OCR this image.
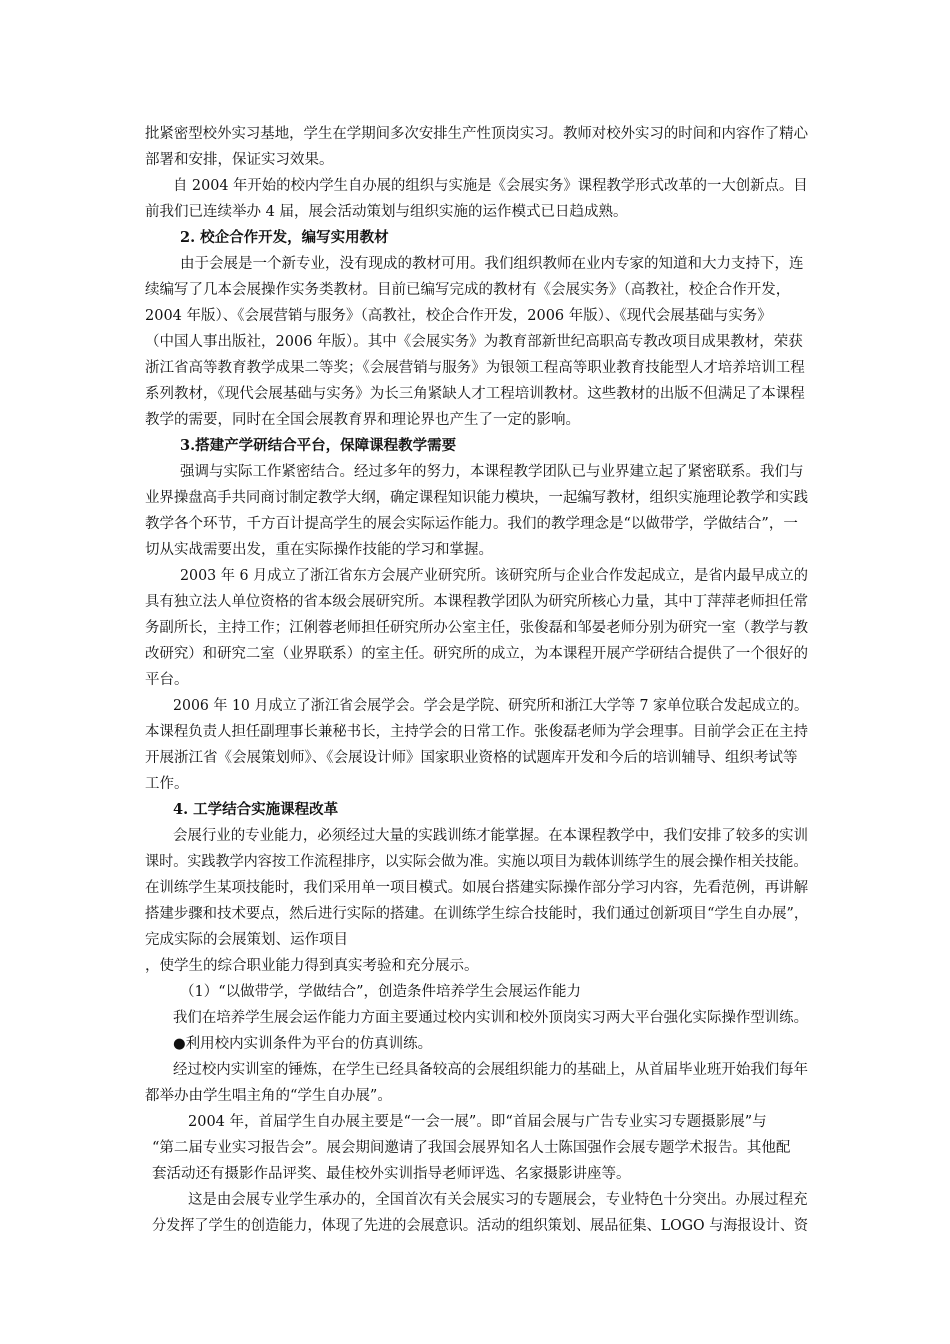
批紧密型校外实习基地，学生在学期间多次安排生产性顶岗实习。教师对校外实习的时间和内容作了精心

部署和安排，保证实习效果。

自 2004 年开始的校内学生自办展的组织与实施是《会展实务》课程教学形式改革的一大创新点。目

前我们已连续举办 4 届，展会活动策划与组织实施的运作模式已日趋成熟。

2. 校企合作开发，编写实用教材

由于会展是一个新专业，没有现成的教材可用。我们组织教师在业内专家的知道和大力支持下，连

续编写了几本会展操作实务类教材。目前已编写完成的教材有《会展实务》（高教社，校企合作开发，

2004 年版）、《会展营销与服务》（高教社，校企合作开发，2006 年版）、《现代会展基础与实务》

（中国人事出版社，2006 年版）。其中《会展实务》为教育部新世纪高职高专教改项目成果教材，荣获

浙江省高等教育教学成果二等奖；《会展营销与服务》为银领工程高等职业教育技能型人才培养培训工程

系列教材，《现代会展基础与实务》为长三角紧缺人才工程培训教材。这些教材的出版不但满足了本课程

教学的需要，同时在全国会展教育界和理论界也产生了一定的影响。

3.搭建产学研结合平台，保障课程教学需要

强调与实际工作紧密结合。经过多年的努力，本课程教学团队已与业界建立起了紧密联系。我们与

业界操盘高手共同商讨制定教学大纲，确定课程知识能力模块，一起编写教材，组织实施理论教学和实践

教学各个环节，千方百计提高学生的展会实际运作能力。我们的教学理念是“以做带学，学做结合”，一

切从实战需要出发，重在实际操作技能的学习和掌握。

2003 年 6 月成立了浙江省东方会展产业研究所。该研究所与企业合作发起成立，是省内最早成立的

具有独立法人单位资格的省本级会展研究所。本课程教学团队为研究所核心力量，其中丁萍萍老师担任常

务副所长，主持工作；江俐蓉老师担任研究所办公室主任，张俊磊和邹晏老师分别为研究一室（教学与教

改研究）和研究二室（业界联系）的室主任。研究所的成立，为本课程开展产学研结合提供了一个很好的

平台。

2006 年 10 月成立了浙江省会展学会。学会是学院、研究所和浙江大学等 7 家单位联合发起成立的。

本课程负责人担任副理事长兼秘书长，主持学会的日常工作。张俊磊老师为学会理事。目前学会正在主持

开展浙江省《会展策划师》、《会展设计师》国家职业资格的试题库开发和今后的培训辅导、组织考试等

工作。

4. 工学结合实施课程改革

会展行业的专业能力，必须经过大量的实践训练才能掌握。在本课程教学中，我们安排了较多的实训

课时。实践教学内容按工作流程排序，以实际会做为准。实施以项目为载体训练学生的展会操作相关技能。

在训练学生某项技能时，我们采用单一项目模式。如展台搭建实际操作部分学习内容，先看范例，再讲解

搭建步骤和技术要点，然后进行实际的搭建。在训练学生综合技能时，我们通过创新项目“学生自办展”，

完成实际的会展策划、运作项目

，使学生的综合职业能力得到真实考验和充分展示。

（1）“以做带学，学做结合”，创造条件培养学生会展运作能力

我们在培养学生展会运作能力方面主要通过校内实训和校外顶岗实习两大平台强化实际操作型训练。

●利用校内实训条件为平台的仿真训练。

经过校内实训室的锤炼，在学生已经具备较高的会展组织能力的基础上，从首届毕业班开始我们每年

都举办由学生唱主角的“学生自办展”。

2004 年，首届学生自办展主要是“一会一展”。即“首届会展与广告专业实习专题摄影展”与

“第二届专业实习报告会”。展会期间邀请了我国会展界知名人士陈国强作会展专题学术报告。其他配

套活动还有摄影作品评奖、最佳校外实训指导老师评选、名家摄影讲座等。

这是由会展专业学生承办的，全国首次有关会展实习的专题展会，专业特色十分突出。办展过程充

分发挥了学生的创造能力，体现了先进的会展意识。活动的组织策划、展品征集、LOGO 与海报设计、资
